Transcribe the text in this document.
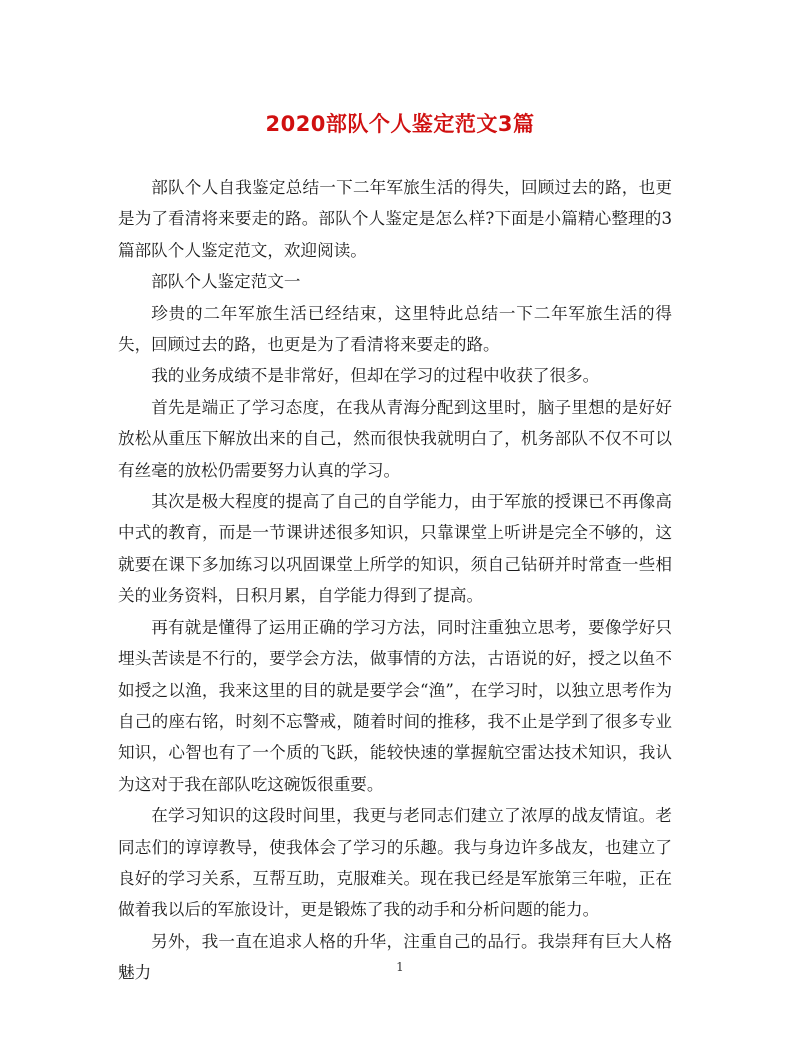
2020部队个人鉴定范文3篇

部队个人自我鉴定总结一下二年军旅生活的得失，回顾过去的路，也更是为了看清将来要走的路。部队个人鉴定是怎么样?下面是小篇精心整理的3篇部队个人鉴定范文，欢迎阅读。

部队个人鉴定范文一

珍贵的二年军旅生活已经结束，这里特此总结一下二年军旅生活的得失，回顾过去的路，也更是为了看清将来要走的路。

我的业务成绩不是非常好，但却在学习的过程中收获了很多。

首先是端正了学习态度，在我从青海分配到这里时，脑子里想的是好好放松从重压下解放出来的自己，然而很快我就明白了，机务部队不仅不可以有丝毫的放松仍需要努力认真的学习。

其次是极大程度的提高了自己的自学能力，由于军旅的授课已不再像高中式的教育，而是一节课讲述很多知识，只靠课堂上听讲是完全不够的，这就要在课下多加练习以巩固课堂上所学的知识，须自己钻研并时常查一些相关的业务资料，日积月累，自学能力得到了提高。

再有就是懂得了运用正确的学习方法，同时注重独立思考，要像学好只埋头苦读是不行的，要学会方法，做事情的方法，古语说的好，授之以鱼不如授之以渔，我来这里的目的就是要学会“渔”，在学习时，以独立思考作为自己的座右铭，时刻不忘警戒，随着时间的推移，我不止是学到了很多专业知识，心智也有了一个质的飞跃，能较快速的掌握航空雷达技术知识，我认为这对于我在部队吃这碗饭很重要。

在学习知识的这段时间里，我更与老同志们建立了浓厚的战友情谊。老同志们的谆谆教导，使我体会了学习的乐趣。我与身边许多战友，也建立了良好的学习关系，互帮互助，克服难关。现在我已经是军旅第三年啦，正在做着我以后的军旅设计，更是锻炼了我的动手和分析问题的能力。

另外，我一直在追求人格的升华，注重自己的品行。我崇拜有巨大人格魅力	1
